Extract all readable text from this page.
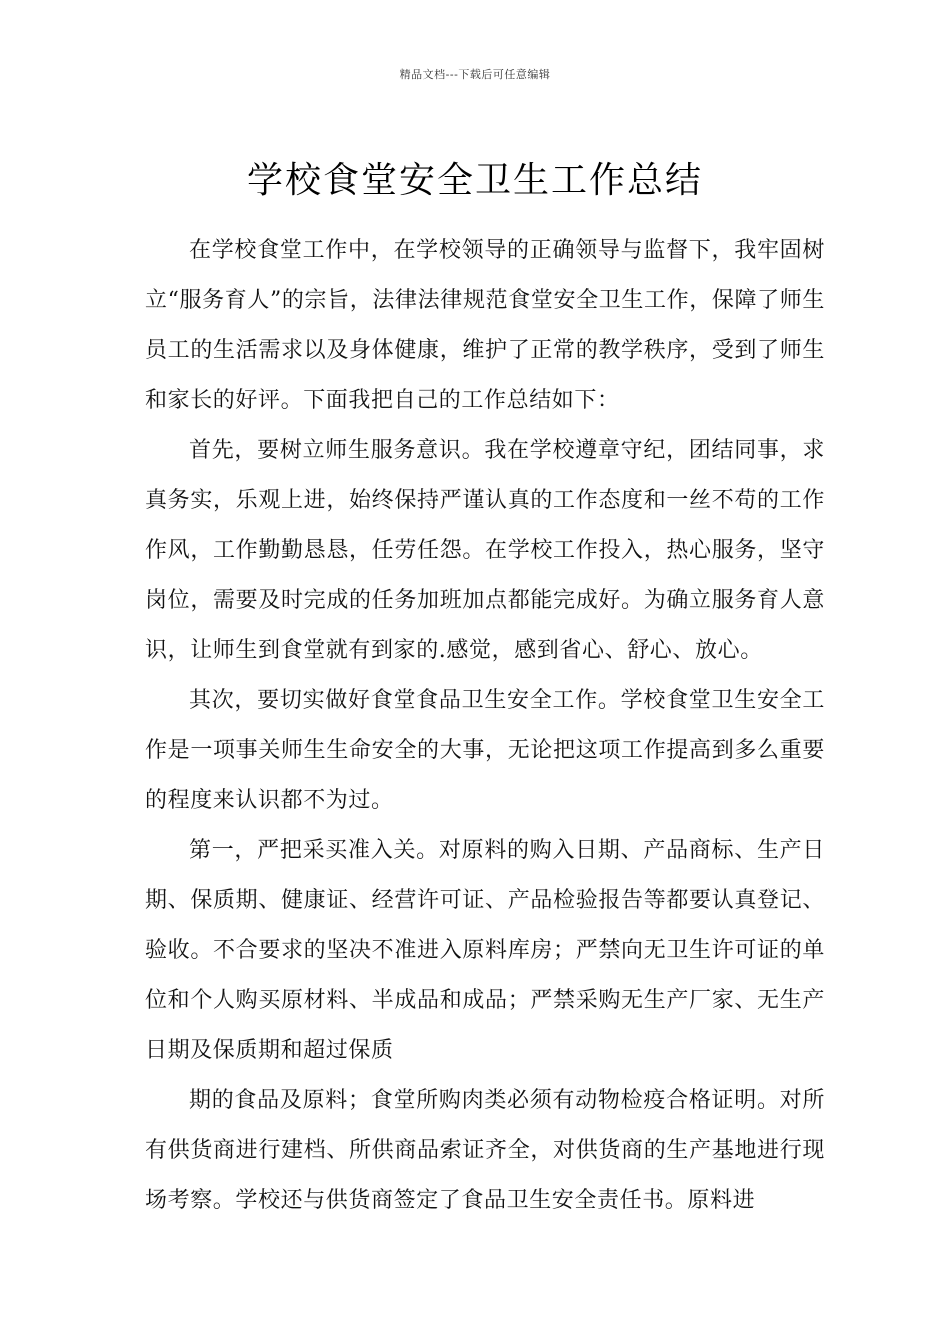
精品文档---下载后可任意编辑
学校食堂安全卫生工作总结

在学校食堂工作中，在学校领导的正确领导与监督下，我牢固树立“服务育人”的宗旨，法律法律规范食堂安全卫生工作，保障了师生员工的生活需求以及身体健康，维护了正常的教学秩序，受到了师生和家长的好评。下面我把自己的工作总结如下：

首先，要树立师生服务意识。我在学校遵章守纪，团结同事，求真务实，乐观上进，始终保持严谨认真的工作态度和一丝不苟的工作作风，工作勤勤恳恳，任劳任怨。在学校工作投入，热心服务，坚守岗位，需要及时完成的任务加班加点都能完成好。为确立服务育人意识，让师生到食堂就有到家的.感觉，感到省心、舒心、放心。

其次，要切实做好食堂食品卫生安全工作。学校食堂卫生安全工作是一项事关师生生命安全的大事，无论把这项工作提高到多么重要的程度来认识都不为过。

第一，严把采买准入关。对原料的购入日期、产品商标、生产日期、保质期、健康证、经营许可证、产品检验报告等都要认真登记、验收。不合要求的坚决不准进入原料库房；严禁向无卫生许可证的单位和个人购买原材料、半成品和成品；严禁采购无生产厂家、无生产日期及保质期和超过保质

期的食品及原料；食堂所购肉类必须有动物检疫合格证明。对所有供货商进行建档、所供商品索证齐全，对供货商的生产基地进行现场考察。学校还与供货商签定了食品卫生安全责任书。原料进
